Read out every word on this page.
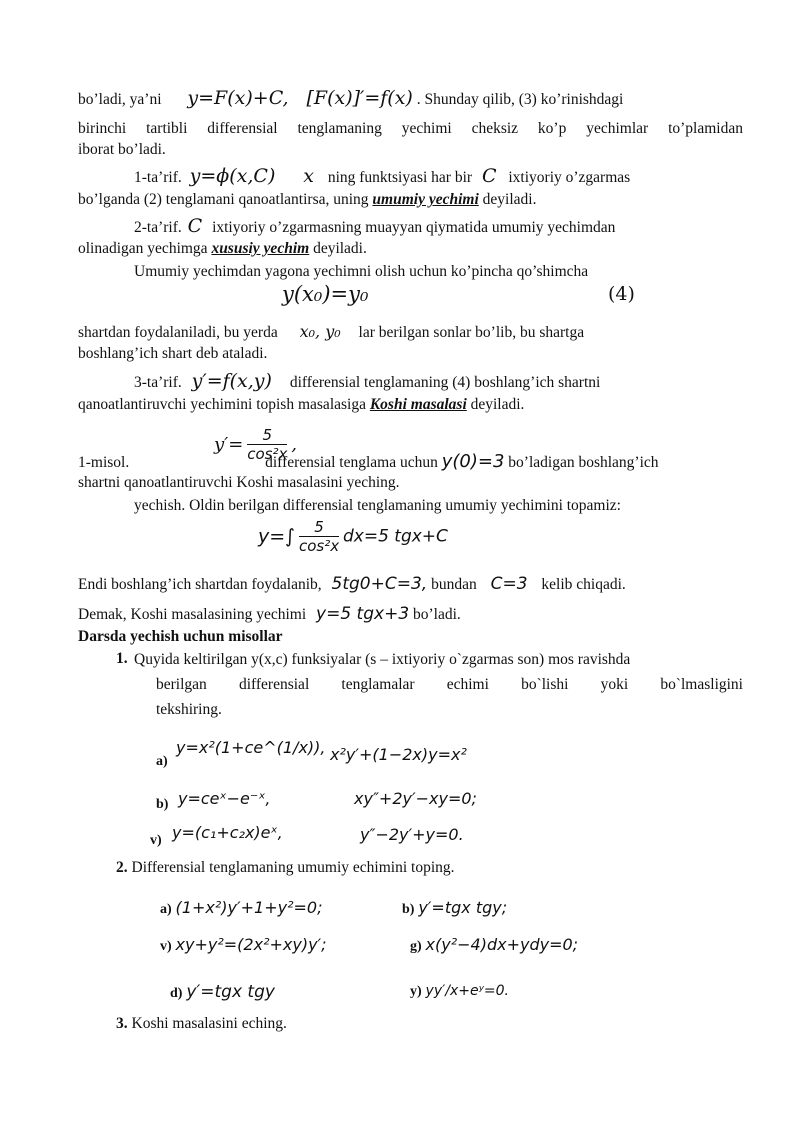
bo’ladi, ya’ni y=F(x)+C, [F(x)]′=f(x) . Shunday qilib, (3) ko’rinishdagi
birinchi tartibli differensial tenglamaning yechimi cheksiz ko’p yechimlar to’plamidan
iborat bo’ladi.
1-ta’rif. y=ϕ(x,C) x ning funktsiyasi har bir C ixtiyoriy o’zgarmas
bo’lganda (2) tenglamani qanoatlantirsa, uning umumiy yechimi deyiladi.
2-ta’rif. C ixtiyoriy o’zgarmasning muayyan qiymatida umumiy yechimdan
olinadigan yechimga xususiy yechim deyiladi.
Umumiy yechimdan yagona yechimni olish uchun ko’pincha qo’shimcha
y(x₀)=y₀	(4)
shartdan foydalaniladi, bu yerda x₀, y₀ lar berilgan sonlar bo’lib, bu shartga
boshlang’ich shart deb ataladi.
3-ta’rif. y′=f(x,y) differensial tenglamaning (4) boshlang’ich shartni
qanoatlantiruvchi yechimini topish masalasiga Koshi masalasi deyiladi.
$y'= \frac{5}{\text{cos²x}}$ ,
1-misol.	differensial tenglama uchun y(0)=3 bo’ladigan boshlang’ich
shartni qanoatlantiruvchi Koshi masalasini yeching.
yechish. Oldin berilgan differensial tenglamaning umumiy yechimini topamiz:
$y=\int \frac{5}{\text{cos²x}} dx=5$ tgx+C
Endi boshlang’ich shartdan foydalanib, 5tg0+C=3, bundan C=3 kelib chiqadi.
Demak, Koshi masalasining yechimi y=5 tgx+3 bo’ladi.
Darsda yechish uchun misollar
1. Quyida keltirilgan y(x,c) funksiyalar (s – ixtiyoriy o`zgarmas son) mos ravishda
berilgan differensial tenglamalar echimi bo`lishi yoki bo`lmasligini
tekshiring.
a)
y=x²(1+ce^(1/x)), x²y′+(1−2x)y=x²
b) y=ceˣ−e⁻ˣ,	xy″+2y′−xy=0;
v) y=(c₁+c₂x)eˣ,	y″−2y′+y=0.
2. Differensial tenglamaning umumiy echimini toping.
a) (1+x²)y′+1+y²=0;	b) y′=tgx tgy;
v) xy+y²=(2x²+xy)y′;	g) x(y²−4)dx+ydy=0;
d) y′=tgx tgy	y) yy′/x+eʸ=0.
3. Koshi masalasini eching.
